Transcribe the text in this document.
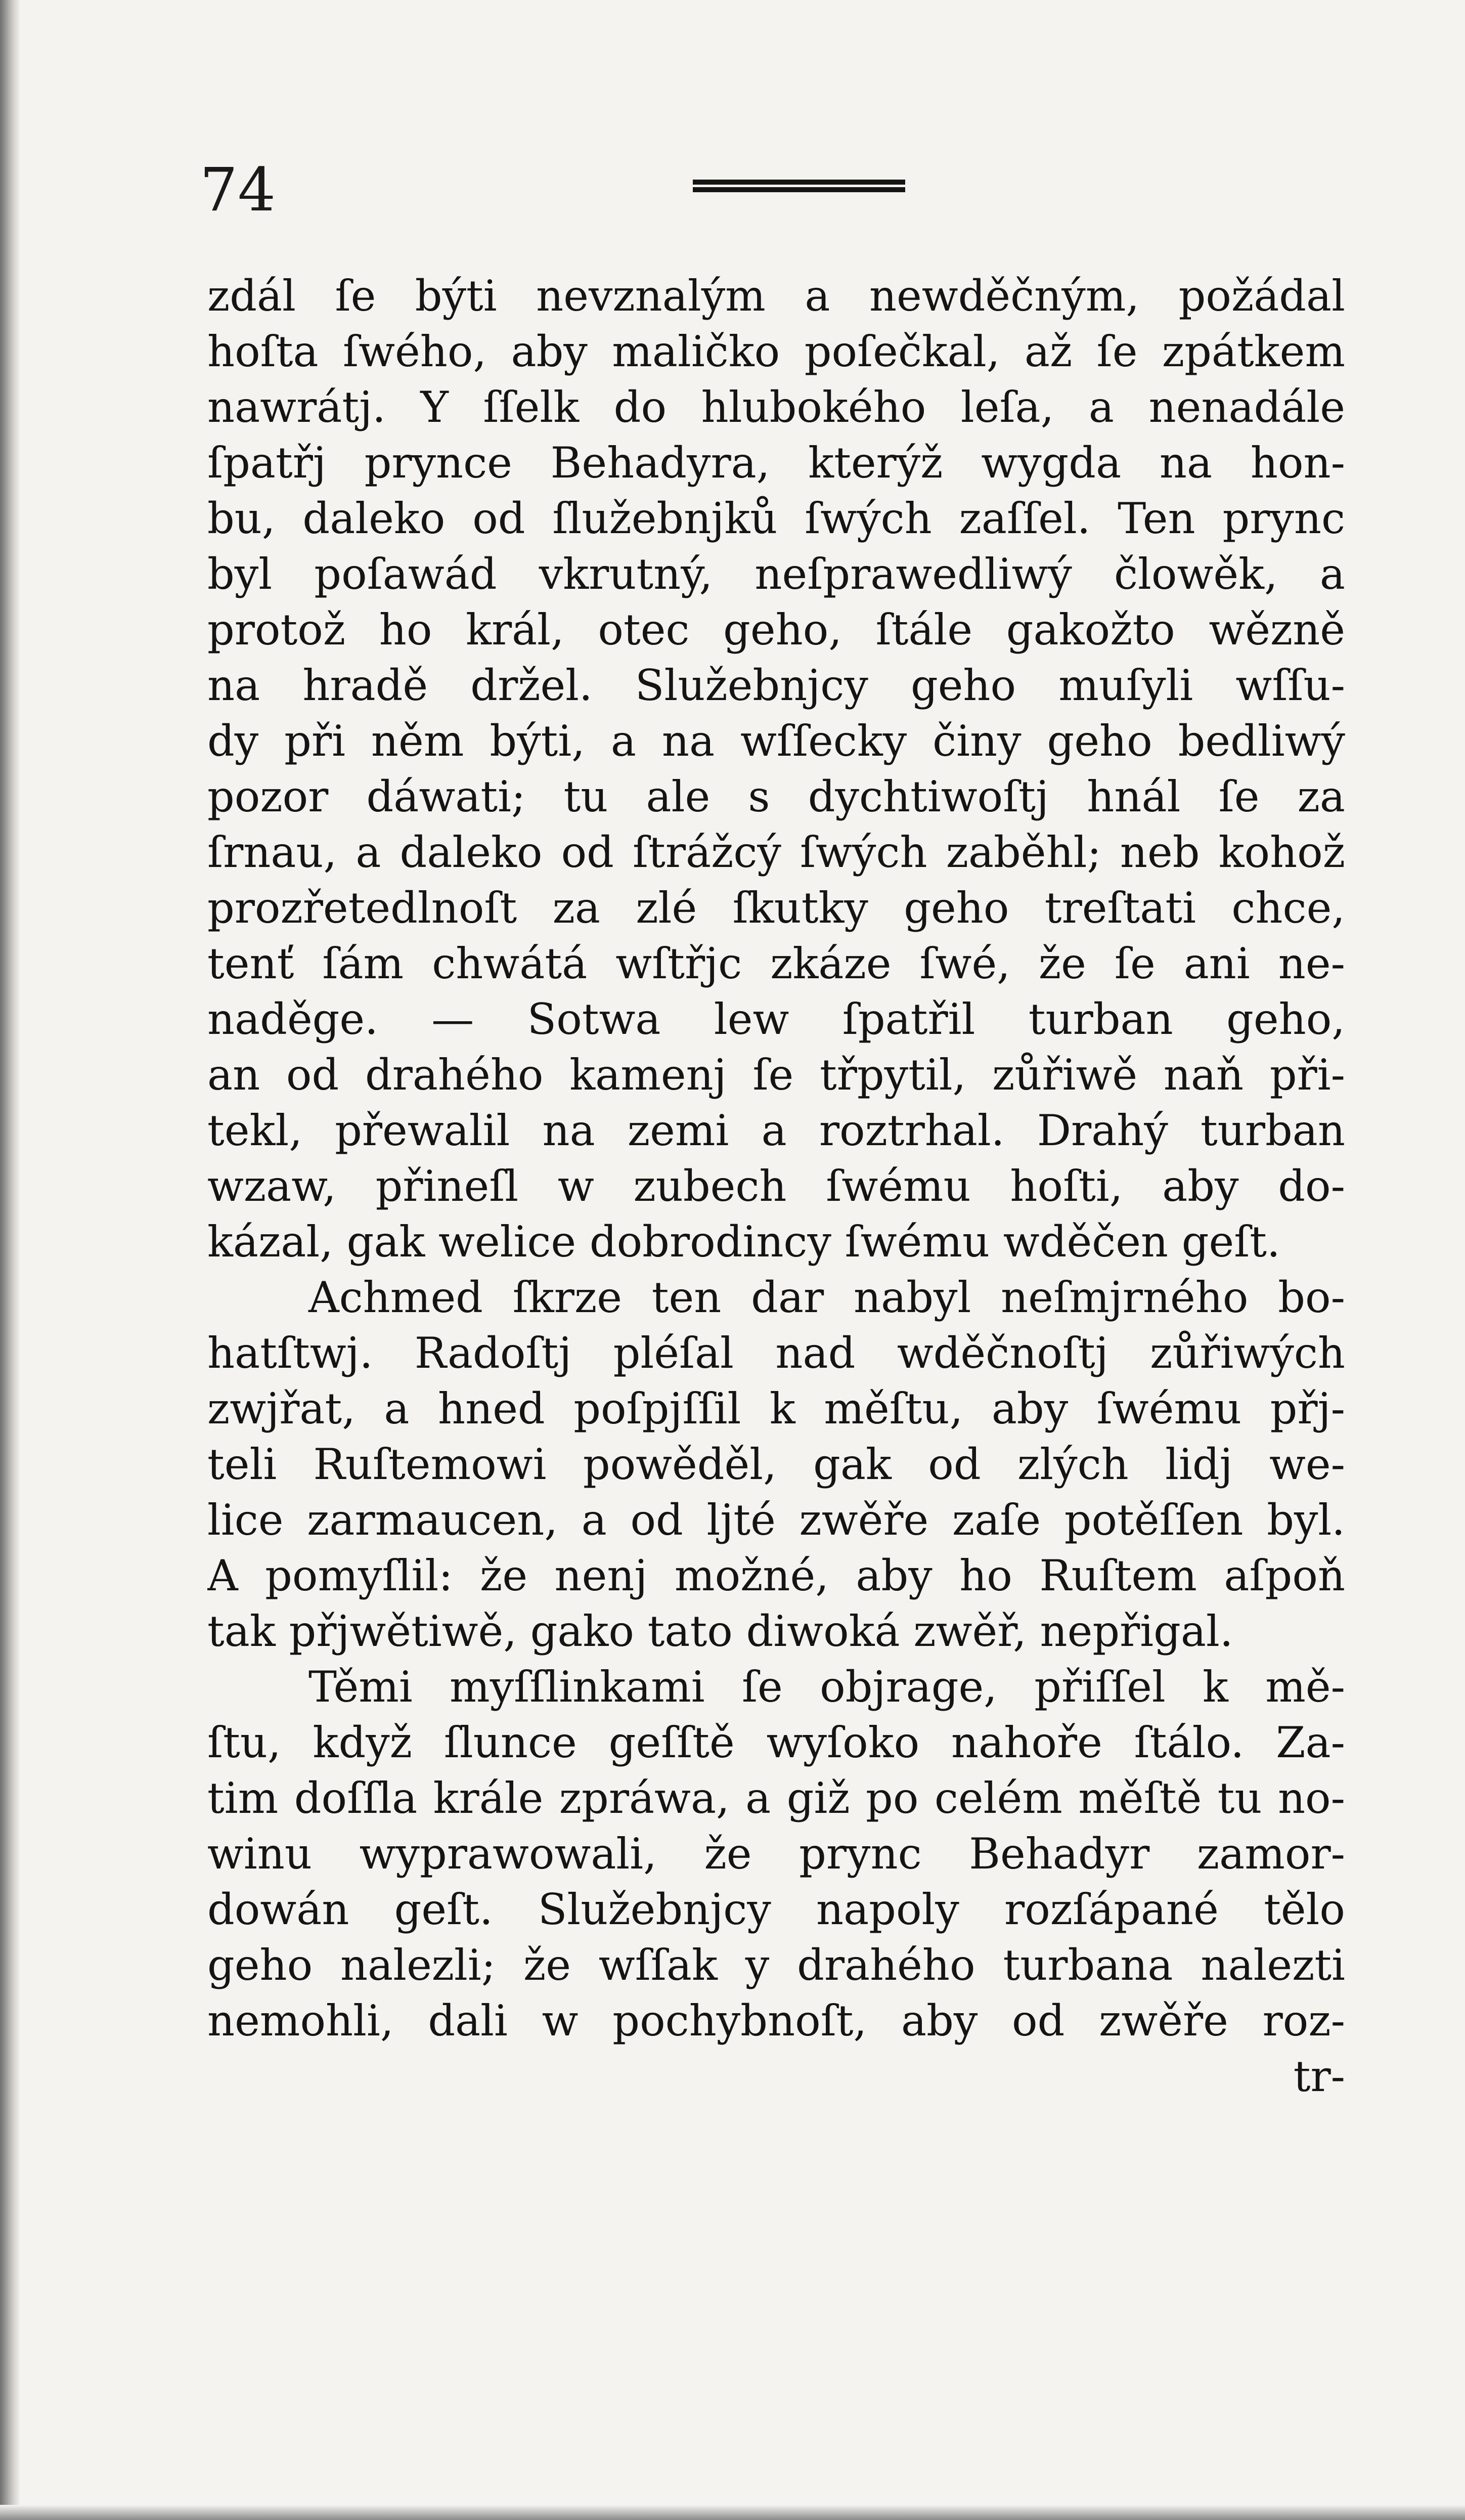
74
zdál ſe býti nevznalým a newděčným, požádal
hoſta ſwého, aby maličko poſečkal, až ſe zpátkem
nawrátj. Y ſſelk do hlubokého leſa, a nenadále
ſpatřj prynce Behadyra, kterýž wygda na hon-
bu, daleko od ſlužebnjků ſwých zaſſel. Ten prync
byl poſawád vkrutný, neſprawedliwý člowěk, a
protož ho král, otec geho, ſtále gakožto wězně
na hradě držel. Služebnjcy geho muſyli wſſu-
dy při něm býti, a na wſſecky činy geho bedliwý
pozor dáwati; tu ale s dychtiwoſtj hnál ſe za
ſrnau, a daleko od ſtrážcý ſwých zaběhl; neb kohož
prozřetedlnoſt za zlé ſkutky geho treſtati chce,
tenť ſám chwátá wſtřjc zkáze ſwé, že ſe ani ne-
naděge. — Sotwa lew ſpatřil turban geho,
an od drahého kamenj ſe třpytil, zůřiwě naň při-
tekl, přewalil na zemi a roztrhal. Drahý turban
wzaw, přineſl w zubech ſwému hoſti, aby do-
kázal, gak welice dobrodincy ſwému wděčen geſt.
Achmed ſkrze ten dar nabyl neſmjrného bo-
hatſtwj. Radoſtj pléſal nad wděčnoſtj zůřiwých
zwjřat, a hned poſpjſſil k měſtu, aby ſwému přj-
teli Ruſtemowi powěděl, gak od zlých lidj we-
lice zarmaucen, a od ljté zwěře zaſe potěſſen byl.
A pomyſlil: že nenj možné, aby ho Ruſtem aſpoň
tak přjwětiwě, gako tato diwoká zwěř, nepřigal.
Těmi myſſlinkami ſe objrage, přiſſel k mě-
ſtu, když ſlunce geſſtě wyſoko nahoře ſtálo. Za-
tim doſſla krále zpráwa, a giž po celém měſtě tu no-
winu wyprawowali, že prync Behadyr zamor-
dowán geſt. Služebnjcy napoly rozſápané tělo
geho nalezli; že wſſak y drahého turbana nalezti
nemohli, dali w pochybnoſt, aby od zwěře roz-
tr-
